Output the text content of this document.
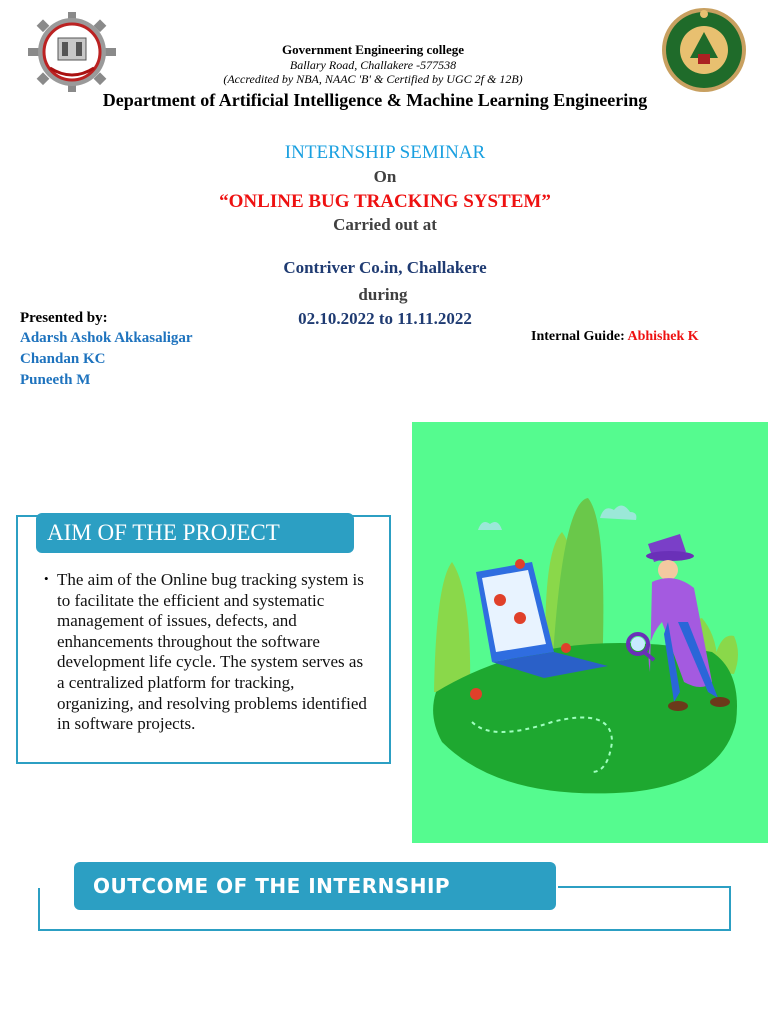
Government Engineering college
Ballary Road, Challakere -577538
(Accredited by NBA, NAAC 'B' & Certified by UGC 2f & 12B)
Department of Artificial Intelligence & Machine Learning Engineering
INTERNSHIP SEMINAR
On
“ONLINE BUG TRACKING SYSTEM”
Carried out at
Contriver Co.in, Challakere
during
02.10.2022 to 11.11.2022
Presented by:
Adarsh Ashok Akkasaligar
Chandan KC
Puneeth M
Internal Guide: Abhishek K
AIM OF THE PROJECT
• The aim of the Online bug tracking system is to facilitate the efficient and systematic management of issues, defects, and enhancements throughout the software development life cycle. The system serves as a centralized platform for tracking, organizing, and resolving problems identified in software projects.
OUTCOME OF THE INTERNSHIP
